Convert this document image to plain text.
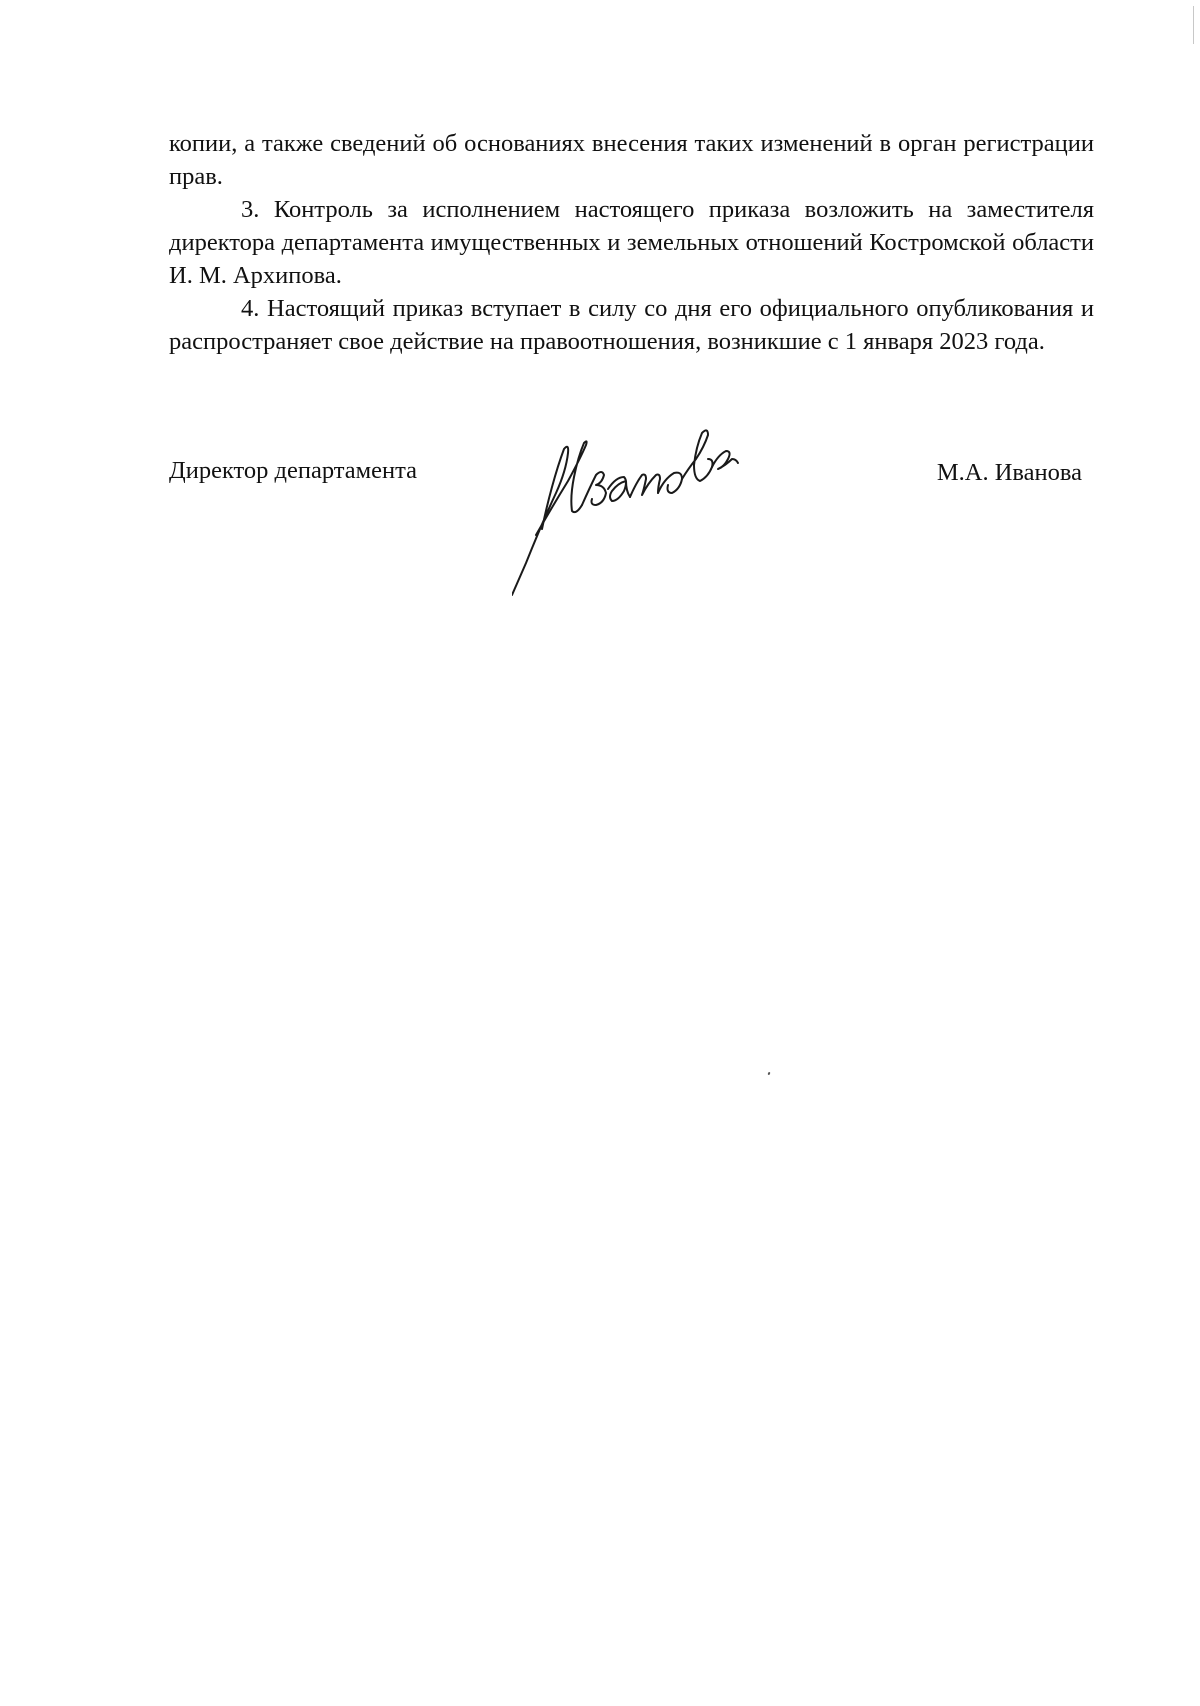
копии, а также сведений об основаниях внесения таких изменений в орган регистрации прав.

3. Контроль за исполнением настоящего приказа возложить на заместителя директора департамента имущественных и земельных отношений Костромской области И. М. Архипова.

4. Настоящий приказ вступает в силу со дня его официального опубликования и распространяет свое действие на правоотношения, возникшие с 1 января 2023 года.

Директор департамента	М.А. Иванова
